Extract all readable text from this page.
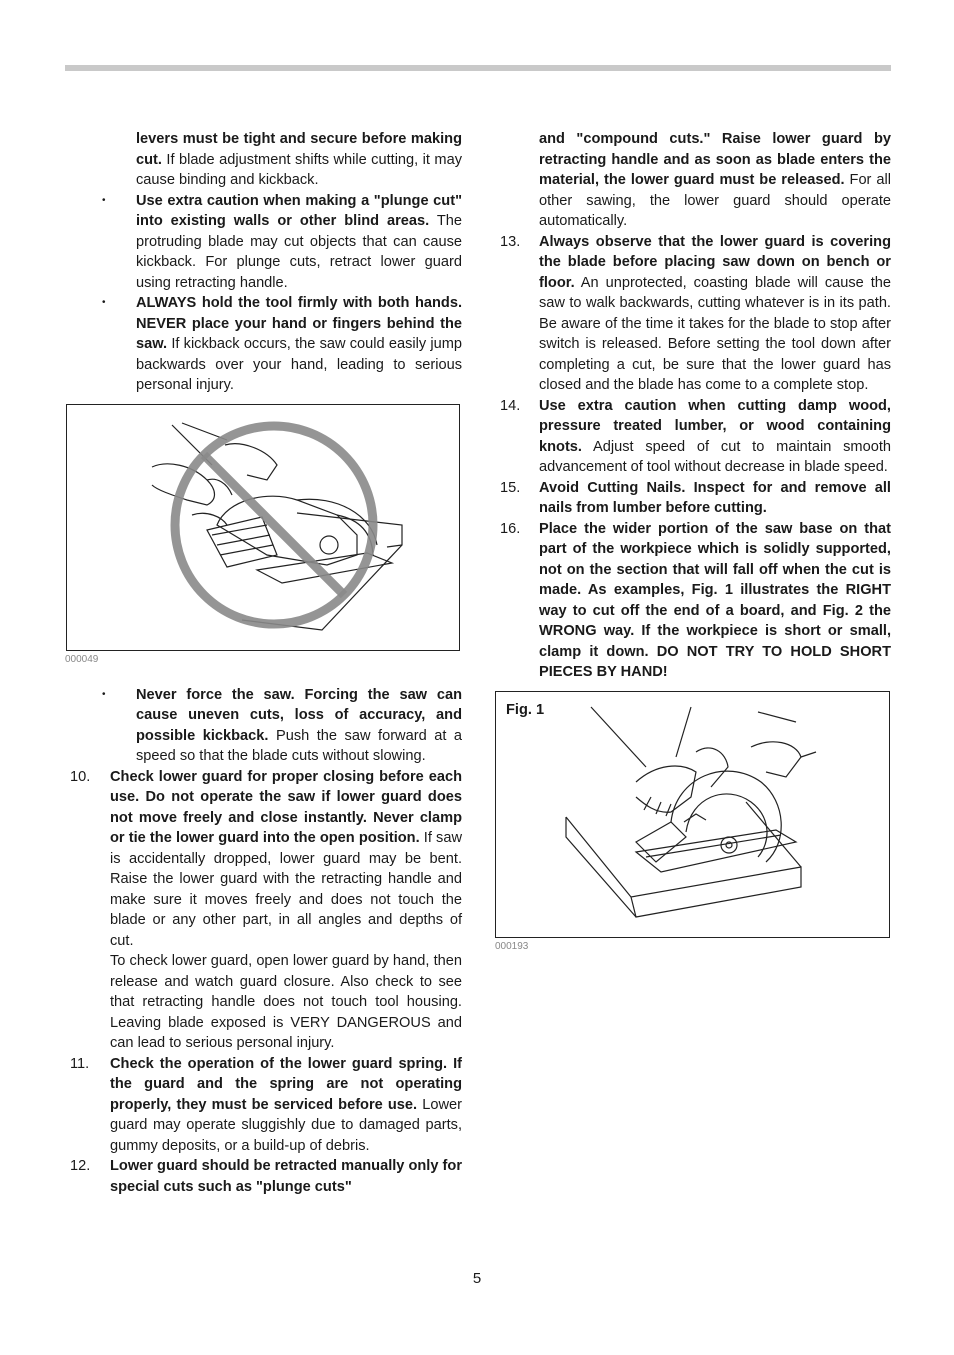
levers must be tight and secure before making cut. If blade adjustment shifts while cutting, it may cause binding and kickback.
• Use extra caution when making a "plunge cut" into existing walls or other blind areas. The protruding blade may cut objects that can cause kickback. For plunge cuts, retract lower guard using retracting handle.
• ALWAYS hold the tool firmly with both hands. NEVER place your hand or fingers behind the saw. If kickback occurs, the saw could easily jump backwards over your hand, leading to serious personal injury.
000049
• Never force the saw. Forcing the saw can cause uneven cuts, loss of accuracy, and possible kickback. Push the saw forward at a speed so that the blade cuts without slowing.
10. Check lower guard for proper closing before each use. Do not operate the saw if lower guard does not move freely and close instantly. Never clamp or tie the lower guard into the open position. If saw is accidentally dropped, lower guard may be bent. Raise the lower guard with the retracting handle and make sure it moves freely and does not touch the blade or any other part, in all angles and depths of cut.
To check lower guard, open lower guard by hand, then release and watch guard closure. Also check to see that retracting handle does not touch tool housing. Leaving blade exposed is VERY DANGEROUS and can lead to serious personal injury.
11. Check the operation of the lower guard spring. If the guard and the spring are not operating properly, they must be serviced before use. Lower guard may operate sluggishly due to damaged parts, gummy deposits, or a build-up of debris.
12. Lower guard should be retracted manually only for special cuts such as "plunge cuts"
and "compound cuts." Raise lower guard by retracting handle and as soon as blade enters the material, the lower guard must be released. For all other sawing, the lower guard should operate automatically.
13. Always observe that the lower guard is covering the blade before placing saw down on bench or floor. An unprotected, coasting blade will cause the saw to walk backwards, cutting whatever is in its path. Be aware of the time it takes for the blade to stop after switch is released. Before setting the tool down after completing a cut, be sure that the lower guard has closed and the blade has come to a complete stop.
14. Use extra caution when cutting damp wood, pressure treated lumber, or wood containing knots. Adjust speed of cut to maintain smooth advancement of tool without decrease in blade speed.
15. Avoid Cutting Nails. Inspect for and remove all nails from lumber before cutting.
16. Place the wider portion of the saw base on that part of the workpiece which is solidly supported, not on the section that will fall off when the cut is made. As examples, Fig. 1 illustrates the RIGHT way to cut off the end of a board, and Fig. 2 the WRONG way. If the workpiece is short or small, clamp it down. DO NOT TRY TO HOLD SHORT PIECES BY HAND!
Fig. 1
000193
5
